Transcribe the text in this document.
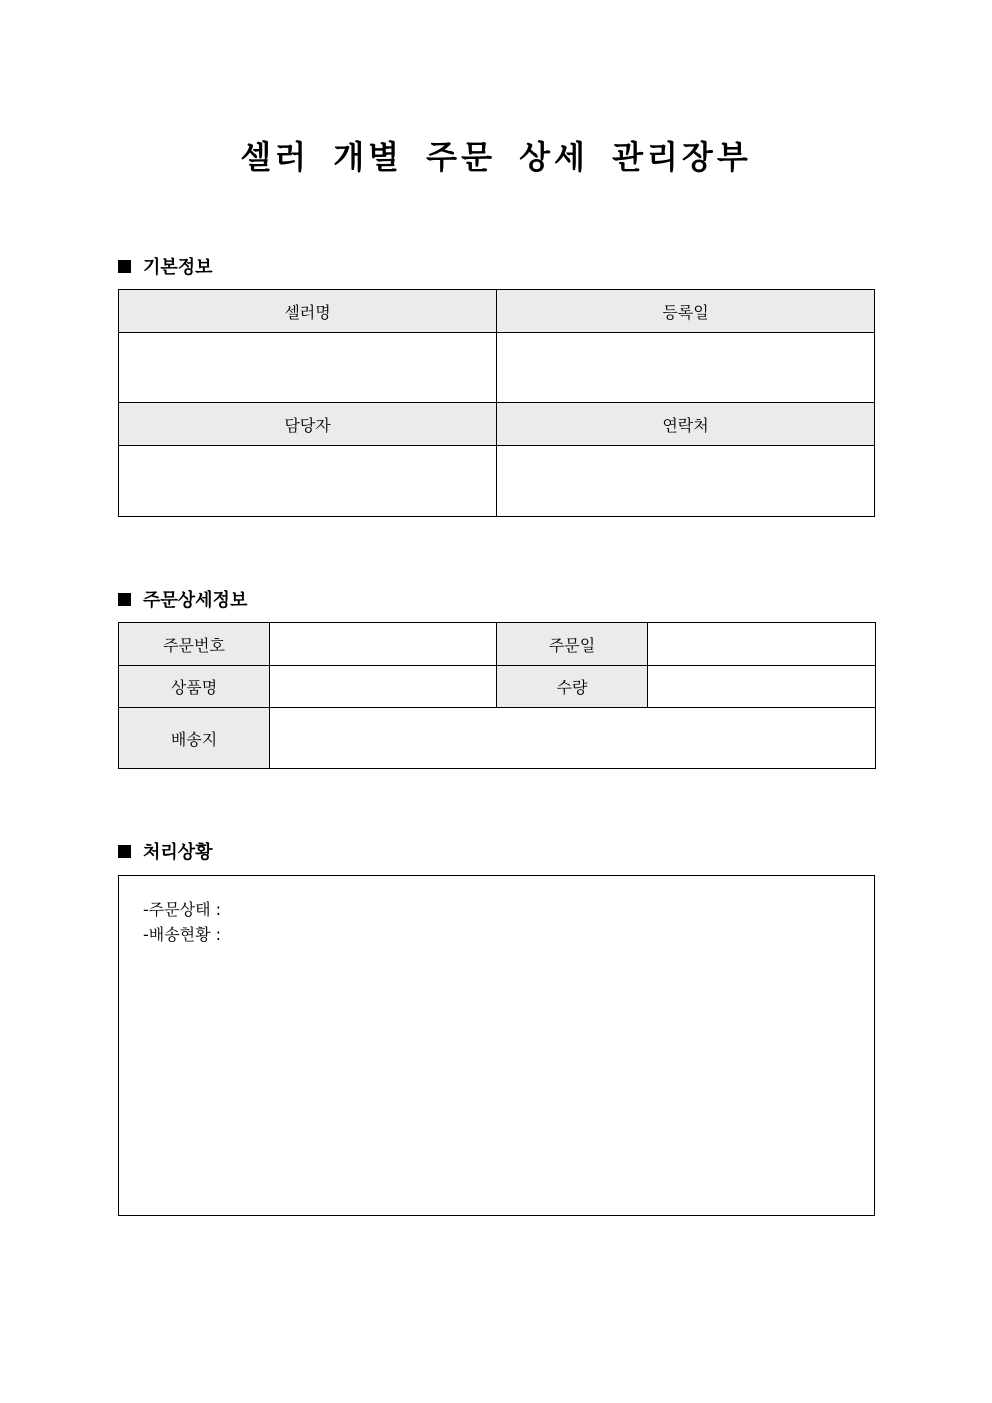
셀러 개별 주문 상세 관리장부
기본정보
셀러명	등록일

담당자	연락처

주문상세정보
주문번호		주문일	
상품명		수량	
배송지			
처리상황
-주문상태 :
-배송현황 :
